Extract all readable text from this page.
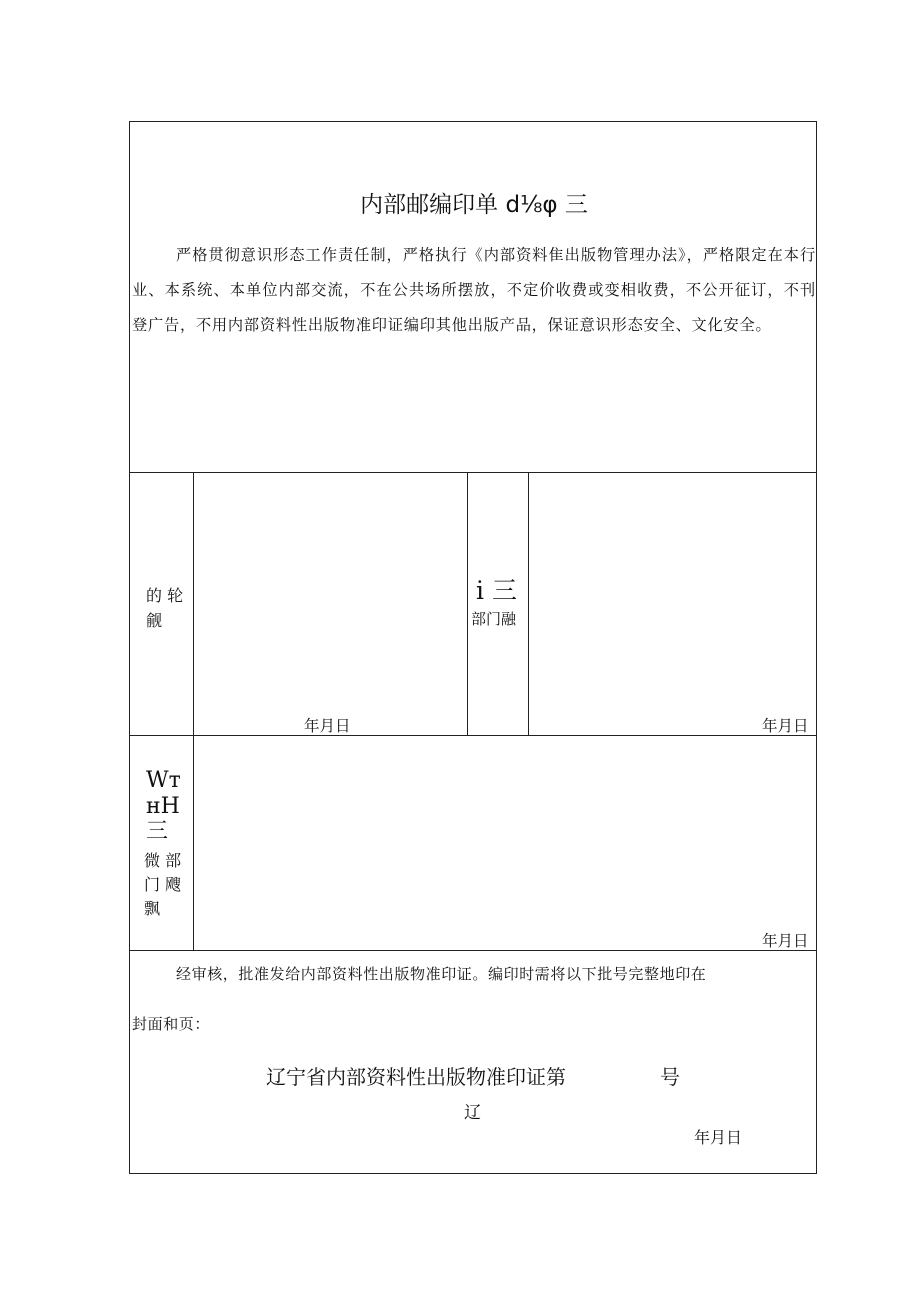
内部邮编印单 d⅛φ 三
严格贯彻意识形态工作责任制，严格执行《内部资料隹出版物管理办法》，严格限定在本行业、本系统、本单位内部交流，不在公共场所摆放，不定价收费或变相收费，不公开征订，不刊登广告，不用内部资料性出版物准印证编印其他出版产品，保证意识形态安全、文化安全。
的 轮
觎
年月日
i 三
部门融
年月日
Wт
нH
三
微 部
门 飕
飘
年月日
经审核，批准发给内部资料性出版物准印证。编印时需将以下批号完整地印在
封面和页：
辽宁省内部资料性出版物准印证第	号
辽
年月日
